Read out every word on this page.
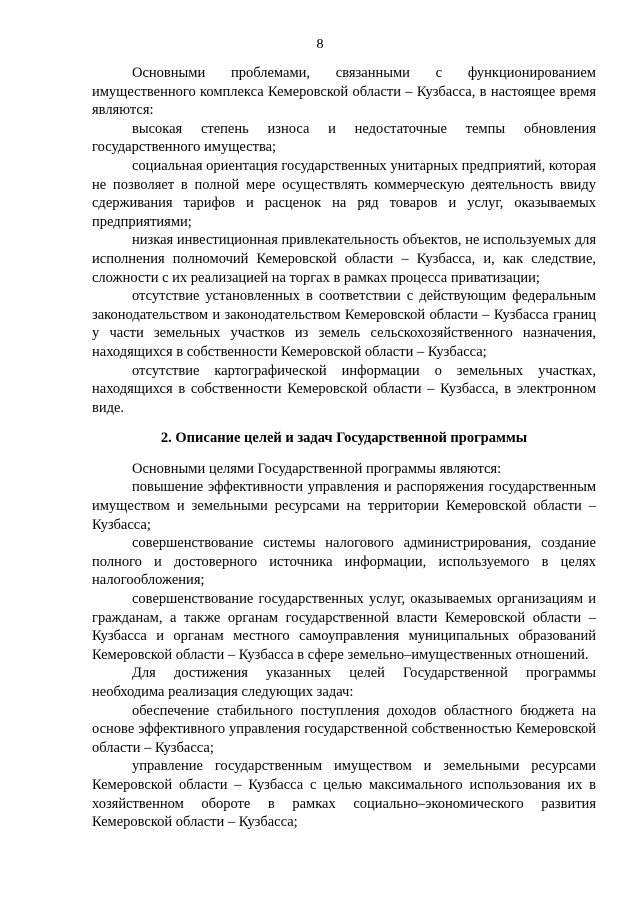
8

Основными проблемами, связанными с функционированием имущественного комплекса Кемеровской области – Кузбасса, в настоящее время являются:

высокая степень износа и недостаточные темпы обновления государственного имущества;

социальная ориентация государственных унитарных предприятий, которая не позволяет в полной мере осуществлять коммерческую деятельность ввиду сдерживания тарифов и расценок на ряд товаров и услуг, оказываемых предприятиями;

низкая инвестиционная привлекательность объектов, не используемых для исполнения полномочий Кемеровской области – Кузбасса, и, как следствие, сложности с их реализацией на торгах в рамках процесса приватизации;

отсутствие установленных в соответствии с действующим федеральным законодательством и законодательством Кемеровской области – Кузбасса границ у части земельных участков из земель сельскохозяйственного назначения, находящихся в собственности Кемеровской области – Кузбасса;

отсутствие картографической информации о земельных участках, находящихся в собственности Кемеровской области – Кузбасса, в электронном виде.

2. Описание целей и задач Государственной программы

Основными целями Государственной программы являются:

повышение эффективности управления и распоряжения государственным имуществом и земельными ресурсами на территории Кемеровской области – Кузбасса;

совершенствование системы налогового администрирования, создание полного и достоверного источника информации, используемого в целях налогообложения;

совершенствование государственных услуг, оказываемых организациям и гражданам, а также органам государственной власти Кемеровской области – Кузбасса и органам местного самоуправления муниципальных образований Кемеровской области – Кузбасса в сфере земельно–имущественных отношений.

Для достижения указанных целей Государственной программы необходима реализация следующих задач:

обеспечение стабильного поступления доходов областного бюджета на основе эффективного управления государственной собственностью Кемеровской области – Кузбасса;

управление государственным имуществом и земельными ресурсами Кемеровской области – Кузбасса с целью максимального использования их в хозяйственном обороте в рамках социально–экономического развития Кемеровской области – Кузбасса;
